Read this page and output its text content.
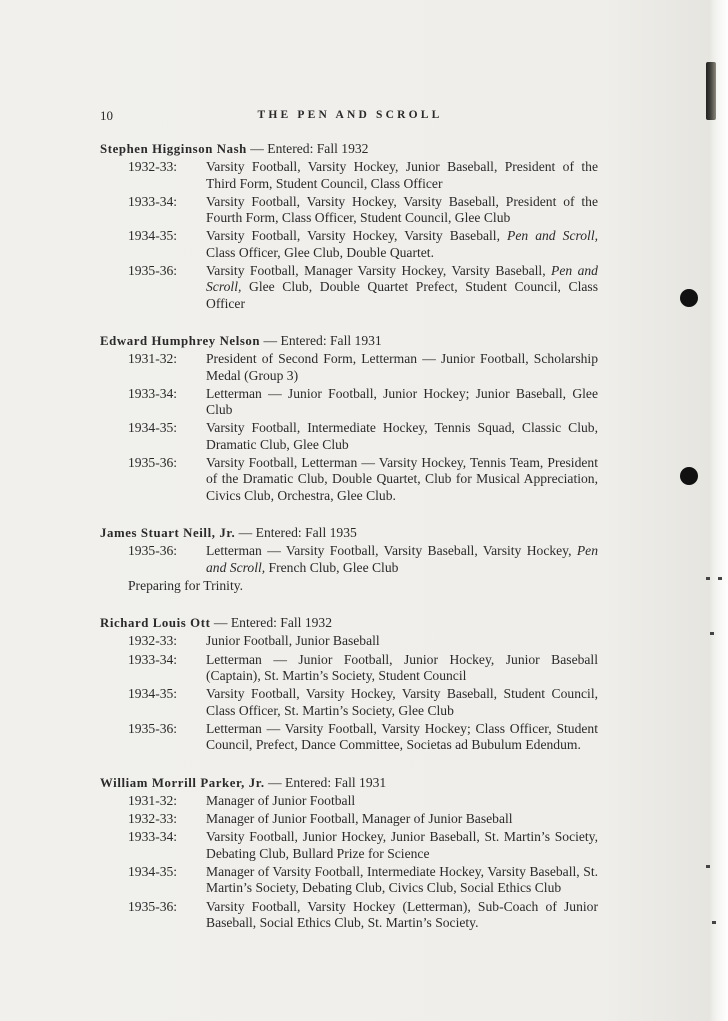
10	THE PEN AND SCROLL
Stephen Higginson Nash — Entered: Fall 1932
1932-33: Varsity Football, Varsity Hockey, Junior Baseball, President of the Third Form, Student Council, Class Officer
1933-34: Varsity Football, Varsity Hockey, Varsity Baseball, President of the Fourth Form, Class Officer, Student Council, Glee Club
1934-35: Varsity Football, Varsity Hockey, Varsity Baseball, Pen and Scroll, Class Officer, Glee Club, Double Quartet.
1935-36: Varsity Football, Manager Varsity Hockey, Varsity Baseball, Pen and Scroll, Glee Club, Double Quartet Prefect, Student Council, Class Officer
Edward Humphrey Nelson — Entered: Fall 1931
1931-32: President of Second Form, Letterman — Junior Football, Scholarship Medal (Group 3)
1933-34: Letterman — Junior Football, Junior Hockey; Junior Baseball, Glee Club
1934-35: Varsity Football, Intermediate Hockey, Tennis Squad, Classic Club, Dramatic Club, Glee Club
1935-36: Varsity Football, Letterman — Varsity Hockey, Tennis Team, President of the Dramatic Club, Double Quartet, Club for Musical Appreciation, Civics Club, Orchestra, Glee Club.
James Stuart Neill, Jr. — Entered: Fall 1935
1935-36: Letterman — Varsity Football, Varsity Baseball, Varsity Hockey, Pen and Scroll, French Club, Glee Club
Preparing for Trinity.
Richard Louis Ott — Entered: Fall 1932
1932-33: Junior Football, Junior Baseball
1933-34: Letterman — Junior Football, Junior Hockey, Junior Baseball (Captain), St. Martin’s Society, Student Council
1934-35: Varsity Football, Varsity Hockey, Varsity Baseball, Student Council, Class Officer, St. Martin’s Society, Glee Club
1935-36: Letterman — Varsity Football, Varsity Hockey; Class Officer, Student Council, Prefect, Dance Committee, Societas ad Bubulum Edendum.
William Morrill Parker, Jr. — Entered: Fall 1931
1931-32: Manager of Junior Football
1932-33: Manager of Junior Football, Manager of Junior Baseball
1933-34: Varsity Football, Junior Hockey, Junior Baseball, St. Martin’s Society, Debating Club, Bullard Prize for Science
1934-35: Manager of Varsity Football, Intermediate Hockey, Varsity Baseball, St. Martin’s Society, Debating Club, Civics Club, Social Ethics Club
1935-36: Varsity Football, Varsity Hockey (Letterman), Sub-Coach of Junior Baseball, Social Ethics Club, St. Martin’s Society.
